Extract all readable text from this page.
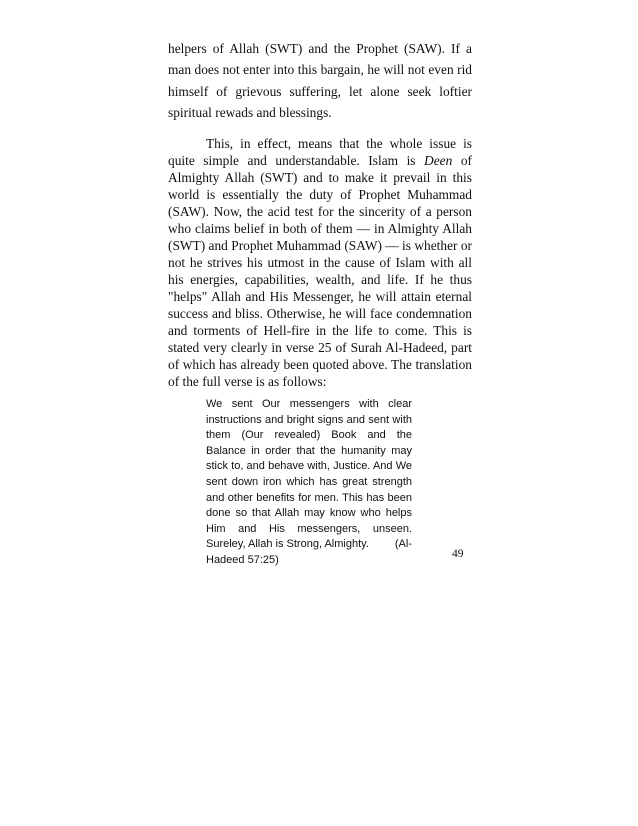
helpers of Allah (SWT) and the Prophet (SAW). If a man does not enter into this bargain, he will not even rid himself of grievous suffering, let alone seek loftier spiritual rewads and blessings.

This, in effect, means that the whole issue is quite simple and understandable. Islam is Deen of Almighty Allah (SWT) and to make it prevail in this world is essentially the duty of Prophet Muhammad (SAW). Now, the acid test for the sincerity of a person who claims belief in both of them — in Almighty Allah (SWT) and Prophet Muhammad (SAW) — is whether or not he strives his utmost in the cause of Islam with all his energies, capabilities, wealth, and life. If he thus "helps" Allah and His Messenger, he will attain eternal success and bliss. Otherwise, he will face condemnation and torments of Hell-fire in the life to come. This is stated very clearly in verse 25 of Surah Al-Hadeed, part of which has already been quoted above. The translation of the full verse is as follows:

We sent Our messengers with clear instructions and bright signs and sent with them (Our revealed) Book and the Balance in order that the humanity may stick to, and behave with, Justice. And We sent down iron which has great strength and other benefits for men. This has been done so that Allah may know who helps Him and His messengers, unseen. Sureley, Allah is Strong, Almighty. (Al-Hadeed 57:25)	49
